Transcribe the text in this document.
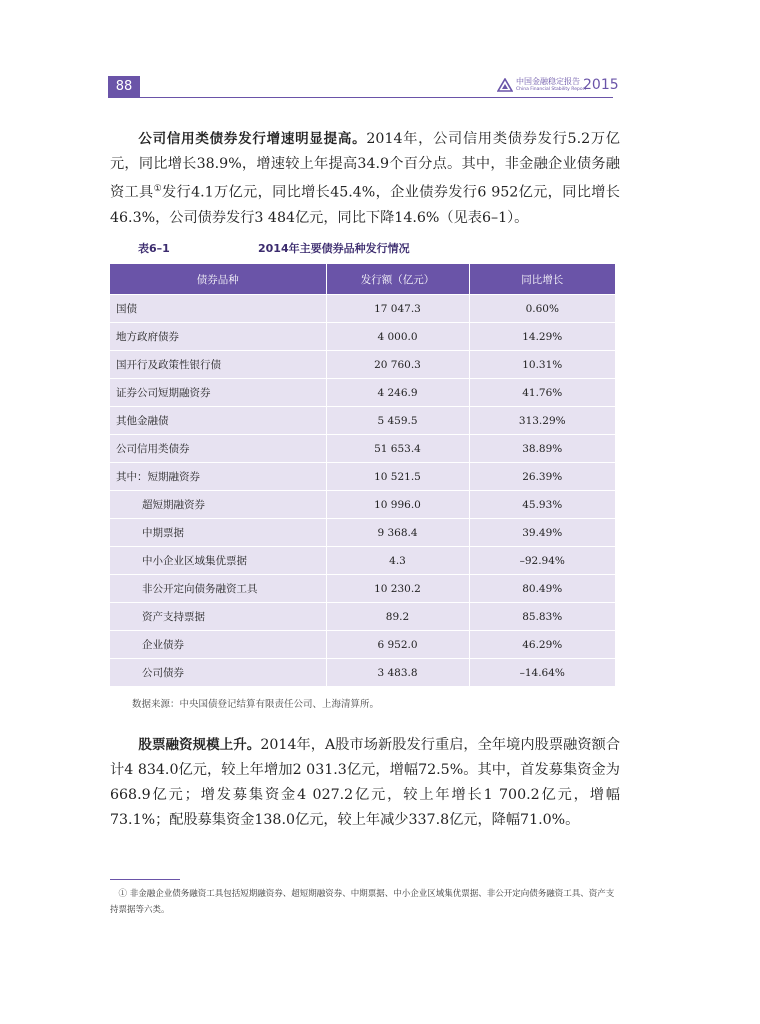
88	中国金融稳定报告
China Financial Stability Report
2015

公司信用类债券发行增速明显提高。2014年，公司信用类债券发行5.2万亿元，同比增长38.9%，增速较上年提高34.9个百分点。其中，非金融企业债务融资工具①发行4.1万亿元，同比增长45.4%，企业债券发行6 952亿元，同比增长46.3%，公司债券发行3 484亿元，同比下降14.6%（见表6–1）。

表6–1	2014年主要债券品种发行情况
债券品种	发行额（亿元）	同比增长
国债	17 047.3	0.60%
地方政府债券	4 000.0	14.29%
国开行及政策性银行债	20 760.3	10.31%
证券公司短期融资券	4 246.9	41.76%
其他金融债	5 459.5	313.29%
公司信用类债券	51 653.4	38.89%
其中：短期融资券	10 521.5	26.39%
超短期融资券	10 996.0	45.93%
中期票据	9 368.4	39.49%
中小企业区域集优票据	4.3	–92.94%
非公开定向债务融资工具	10 230.2	80.49%
资产支持票据	89.2	85.83%
企业债券	6 952.0	46.29%
公司债券	3 483.8	–14.64%
数据来源：中央国债登记结算有限责任公司、上海清算所。

股票融资规模上升。2014年，A股市场新股发行重启，全年境内股票融资额合计4 834.0亿元，较上年增加2 031.3亿元，增幅72.5%。其中，首发募集资金为668.9亿元；增发募集资金4 027.2亿元，较上年增长1 700.2亿元，增幅73.1%；配股募集资金138.0亿元，较上年减少337.8亿元，降幅71.0%。

① 非金融企业债务融资工具包括短期融资券、超短期融资券、中期票据、中小企业区域集优票据、非公开定向债务融资工具、资产支持票据等六类。
